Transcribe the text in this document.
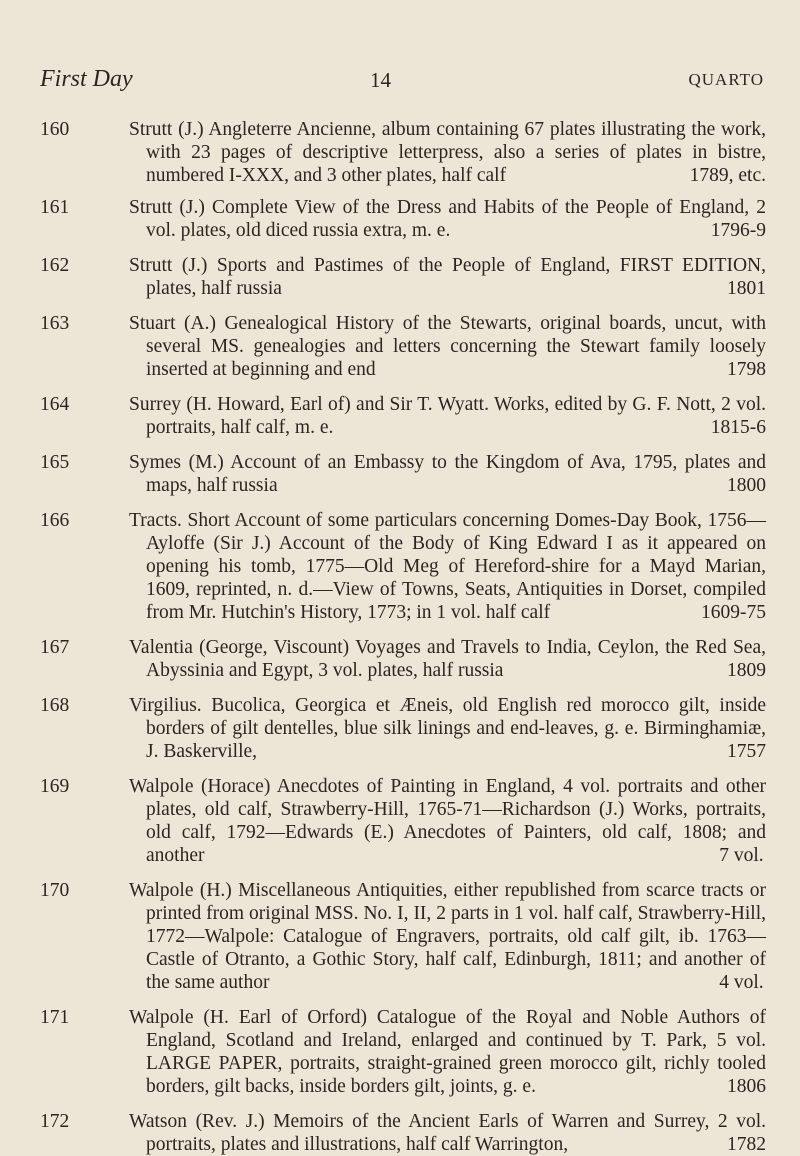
First Day	14	QUARTO
160	Strutt (J.) Angleterre Ancienne, album containing 67 plates illustrating the work, with 23 pages of descriptive letterpress, also a series of plates in bistre, numbered I-XXX, and 3 other plates, half calf	1789, etc.
161	Strutt (J.) Complete View of the Dress and Habits of the People of England, 2 vol. plates, old diced russia extra, m. e.	1796-9
162	Strutt (J.) Sports and Pastimes of the People of England, FIRST EDITION, plates, half russia	1801
163	Stuart (A.) Genealogical History of the Stewarts, original boards, uncut, with several MS. genealogies and letters concerning the Stewart family loosely inserted at beginning and end	1798
164	Surrey (H. Howard, Earl of) and Sir T. Wyatt. Works, edited by G. F. Nott, 2 vol. portraits, half calf, m. e.	1815-6
165	Symes (M.) Account of an Embassy to the Kingdom of Ava, 1795, plates and maps, half russia	1800
166	Tracts. Short Account of some particulars concerning Domes-Day Book, 1756—Ayloffe (Sir J.) Account of the Body of King Edward I as it appeared on opening his tomb, 1775—Old Meg of Hereford-shire for a Mayd Marian, 1609, reprinted, n. d.—View of Towns, Seats, Antiquities in Dorset, compiled from Mr. Hutchin's History, 1773; in 1 vol. half calf	1609-75
167	Valentia (George, Viscount) Voyages and Travels to India, Ceylon, the Red Sea, Abyssinia and Egypt, 3 vol. plates, half russia	1809
168	Virgilius. Bucolica, Georgica et Æneis, old English red morocco gilt, inside borders of gilt dentelles, blue silk linings and end-leaves, g. e. Birminghamiæ, J. Baskerville,	1757
169	Walpole (Horace) Anecdotes of Painting in England, 4 vol. portraits and other plates, old calf, Strawberry-Hill, 1765-71—Richardson (J.) Works, portraits, old calf, 1792—Edwards (E.) Anecdotes of Painters, old calf, 1808; and another	7 vol.
170	Walpole (H.) Miscellaneous Antiquities, either republished from scarce tracts or printed from original MSS. No. I, II, 2 parts in 1 vol. half calf, Strawberry-Hill, 1772—Walpole: Catalogue of Engravers, portraits, old calf gilt, ib. 1763—Castle of Otranto, a Gothic Story, half calf, Edinburgh, 1811; and another of the same author	4 vol.
171	Walpole (H. Earl of Orford) Catalogue of the Royal and Noble Authors of England, Scotland and Ireland, enlarged and continued by T. Park, 5 vol. LARGE PAPER, portraits, straight-grained green morocco gilt, richly tooled borders, gilt backs, inside borders gilt, joints, g. e.	1806
172	Watson (Rev. J.) Memoirs of the Ancient Earls of Warren and Surrey, 2 vol. portraits, plates and illustrations, half calf Warrington,	1782
